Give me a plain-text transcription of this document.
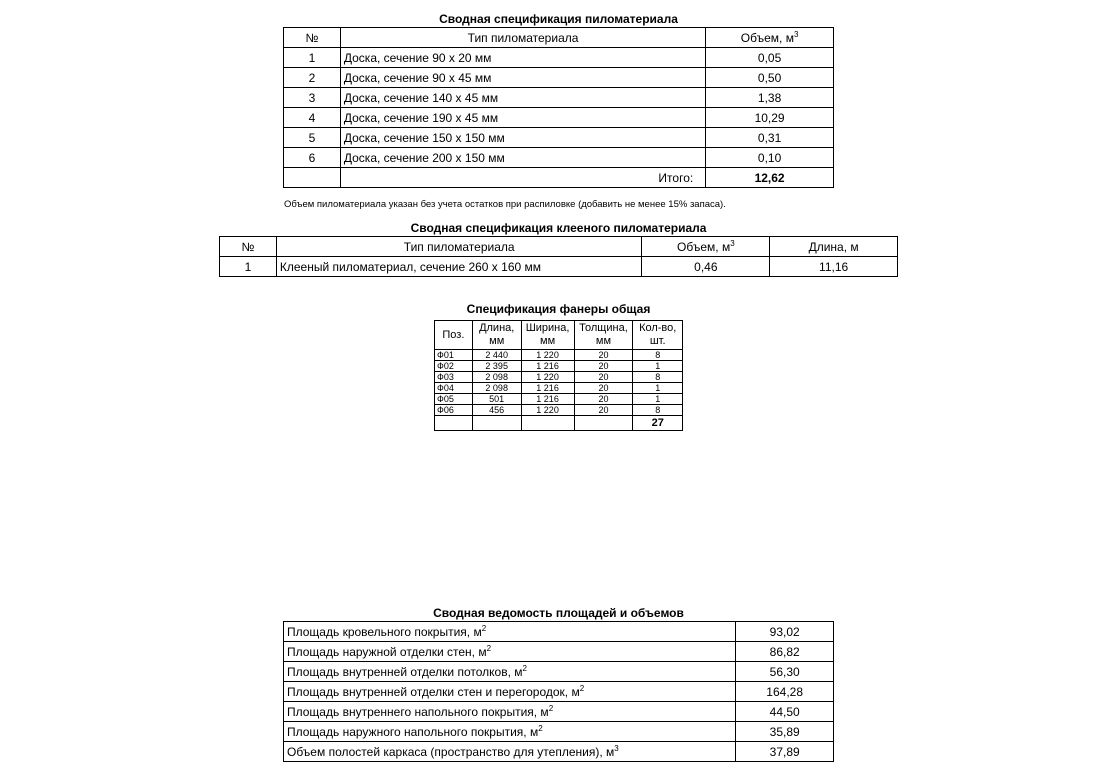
Сводная спецификация пиломатериала
№	Тип пиломатериала	Объем, $м^3$
1	Доска, сечение 90 х 20 мм	0,05
2	Доска, сечение 90 х 45 мм	0,50
3	Доска, сечение 140 х 45 мм	1,38
4	Доска, сечение 190 х 45 мм	10,29
5	Доска, сечение 150 х 150 мм	0,31
6	Доска, сечение 200 х 150 мм	0,10
	Итого:	12,62
Объем пиломатериала указан без учета остатков при распиловке (добавить не менее 15% запаса).
Сводная спецификация клееного пиломатериала
№	Тип пиломатериала	Объем, $м^3$	Длина, м
1	Клееный пиломатериал, сечение 260 х 160 мм	0,46	11,16
Спецификация фанеры общая
Поз.	Длина, мм	Ширина, мм	Толщина, мм	Кол-во, шт.
Ф01	2 440	1 220	20	8
Ф02	2 395	1 216	20	1
Ф03	2 098	1 220	20	8
Ф04	2 098	1 216	20	1
Ф05	501	1 216	20	1
Ф06	456	1 220	20	8
				27
Сводная ведомость площадей и объемов
Площадь кровельного покрытия, $м^2$	93,02
Площадь наружной отделки стен, $м^2$	86,82
Площадь внутренней отделки потолков, $м^2$	56,30
Площадь внутренней отделки стен и перегородок, $м^2$	164,28
Площадь внутреннего напольного покрытия, $м^2$	44,50
Площадь наружного напольного покрытия, $м^2$	35,89
Объем полостей каркаса (пространство для утепления), $м^3$	37,89
